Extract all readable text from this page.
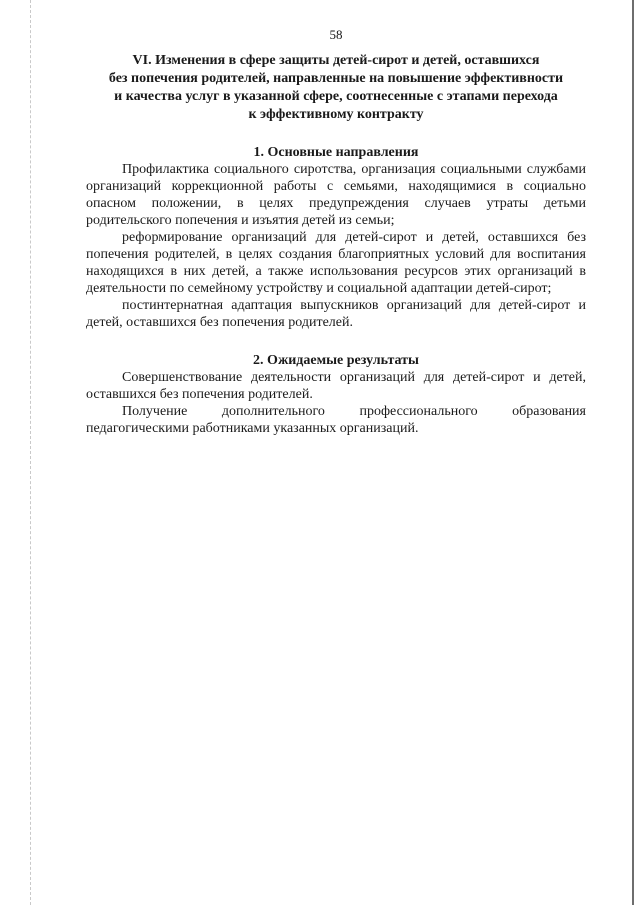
58

VI. Изменения в сфере защиты детей-сирот и детей, оставшихся

без попечения родителей, направленные на повышение эффективности

и качества услуг в указанной сфере, соотнесенные с этапами перехода

к эффективному контракту

1. Основные направления

Профилактика социального сиротства, организация социальными службами организаций коррекционной работы с семьями, находящимися в социально опасном положении, в целях предупреждения случаев утраты детьми родительского попечения и изъятия детей из семьи;

реформирование организаций для детей-сирот и детей, оставшихся без попечения родителей, в целях создания благоприятных условий для воспитания находящихся в них детей, а также использования ресурсов этих организаций в деятельности по семейному устройству и социальной адаптации детей-сирот;

постинтернатная адаптация выпускников организаций для детей-сирот и детей, оставшихся без попечения родителей.

2. Ожидаемые результаты

Совершенствование деятельности организаций для детей-сирот и детей, оставшихся без попечения родителей.

Получение дополнительного профессионального образования педагогическими работниками указанных организаций.
